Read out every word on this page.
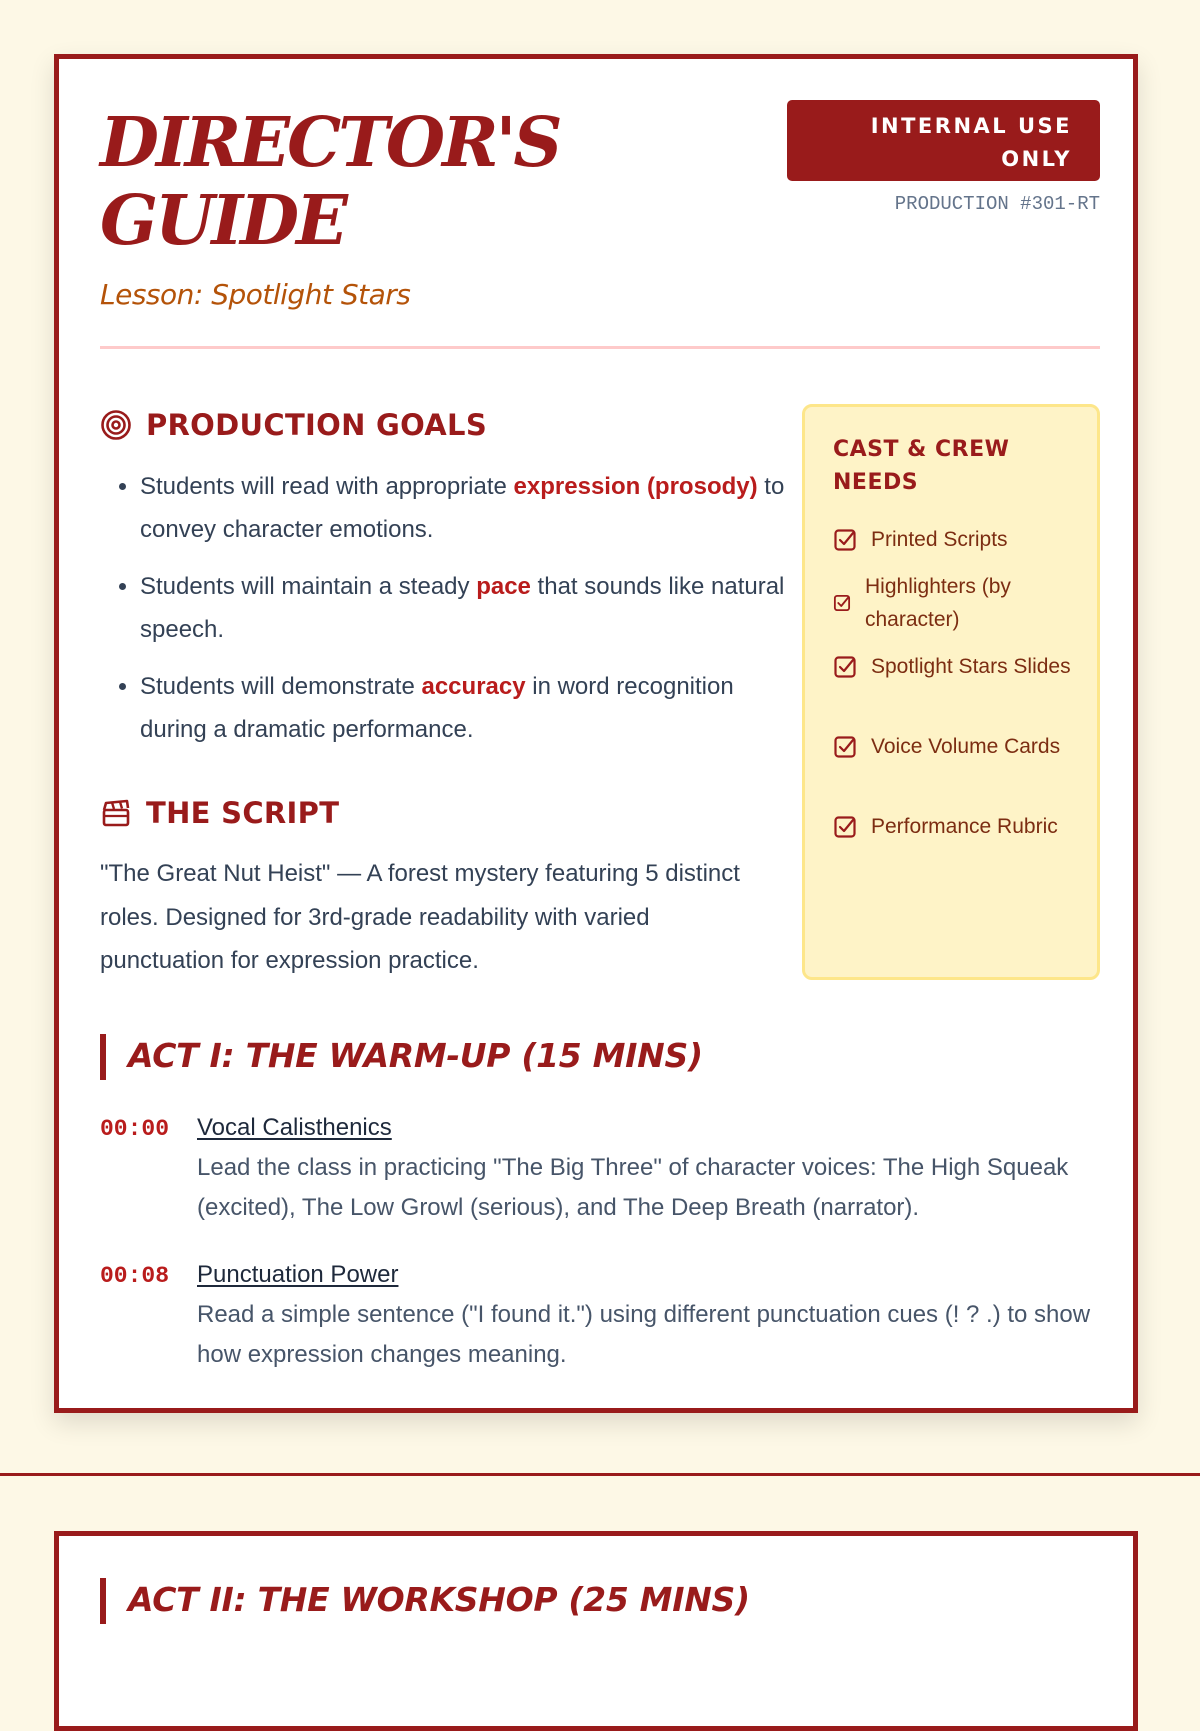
DIRECTOR'S GUIDE
Lesson: Spotlight Stars
INTERNAL USE ONLY
PRODUCTION #301-RT
PRODUCTION GOALS
• Students will read with appropriate expression (prosody) to convey character emotions.
• Students will maintain a steady pace that sounds like natural speech.
• Students will demonstrate accuracy in word recognition during a dramatic performance.
THE SCRIPT

"The Great Nut Heist" — A forest mystery featuring 5 distinct roles. Designed for 3rd-grade readability with varied punctuation for expression practice.

CAST & CREW NEEDS
Printed Scripts
Highlighters (by character)
Spotlight Stars Slides
Voice Volume Cards
Performance Rubric
ACT I: THE WARM-UP (15 MINS)
00:00 Vocal Calisthenics

Lead the class in practicing "The Big Three" of character voices: The High Squeak (excited), The Low Growl (serious), and The Deep Breath (narrator).

00:08 Punctuation Power

Read a simple sentence ("I found it.") using different punctuation cues (! ? .) to show how expression changes meaning.

ACT II: THE WORKSHOP (25 MINS)
